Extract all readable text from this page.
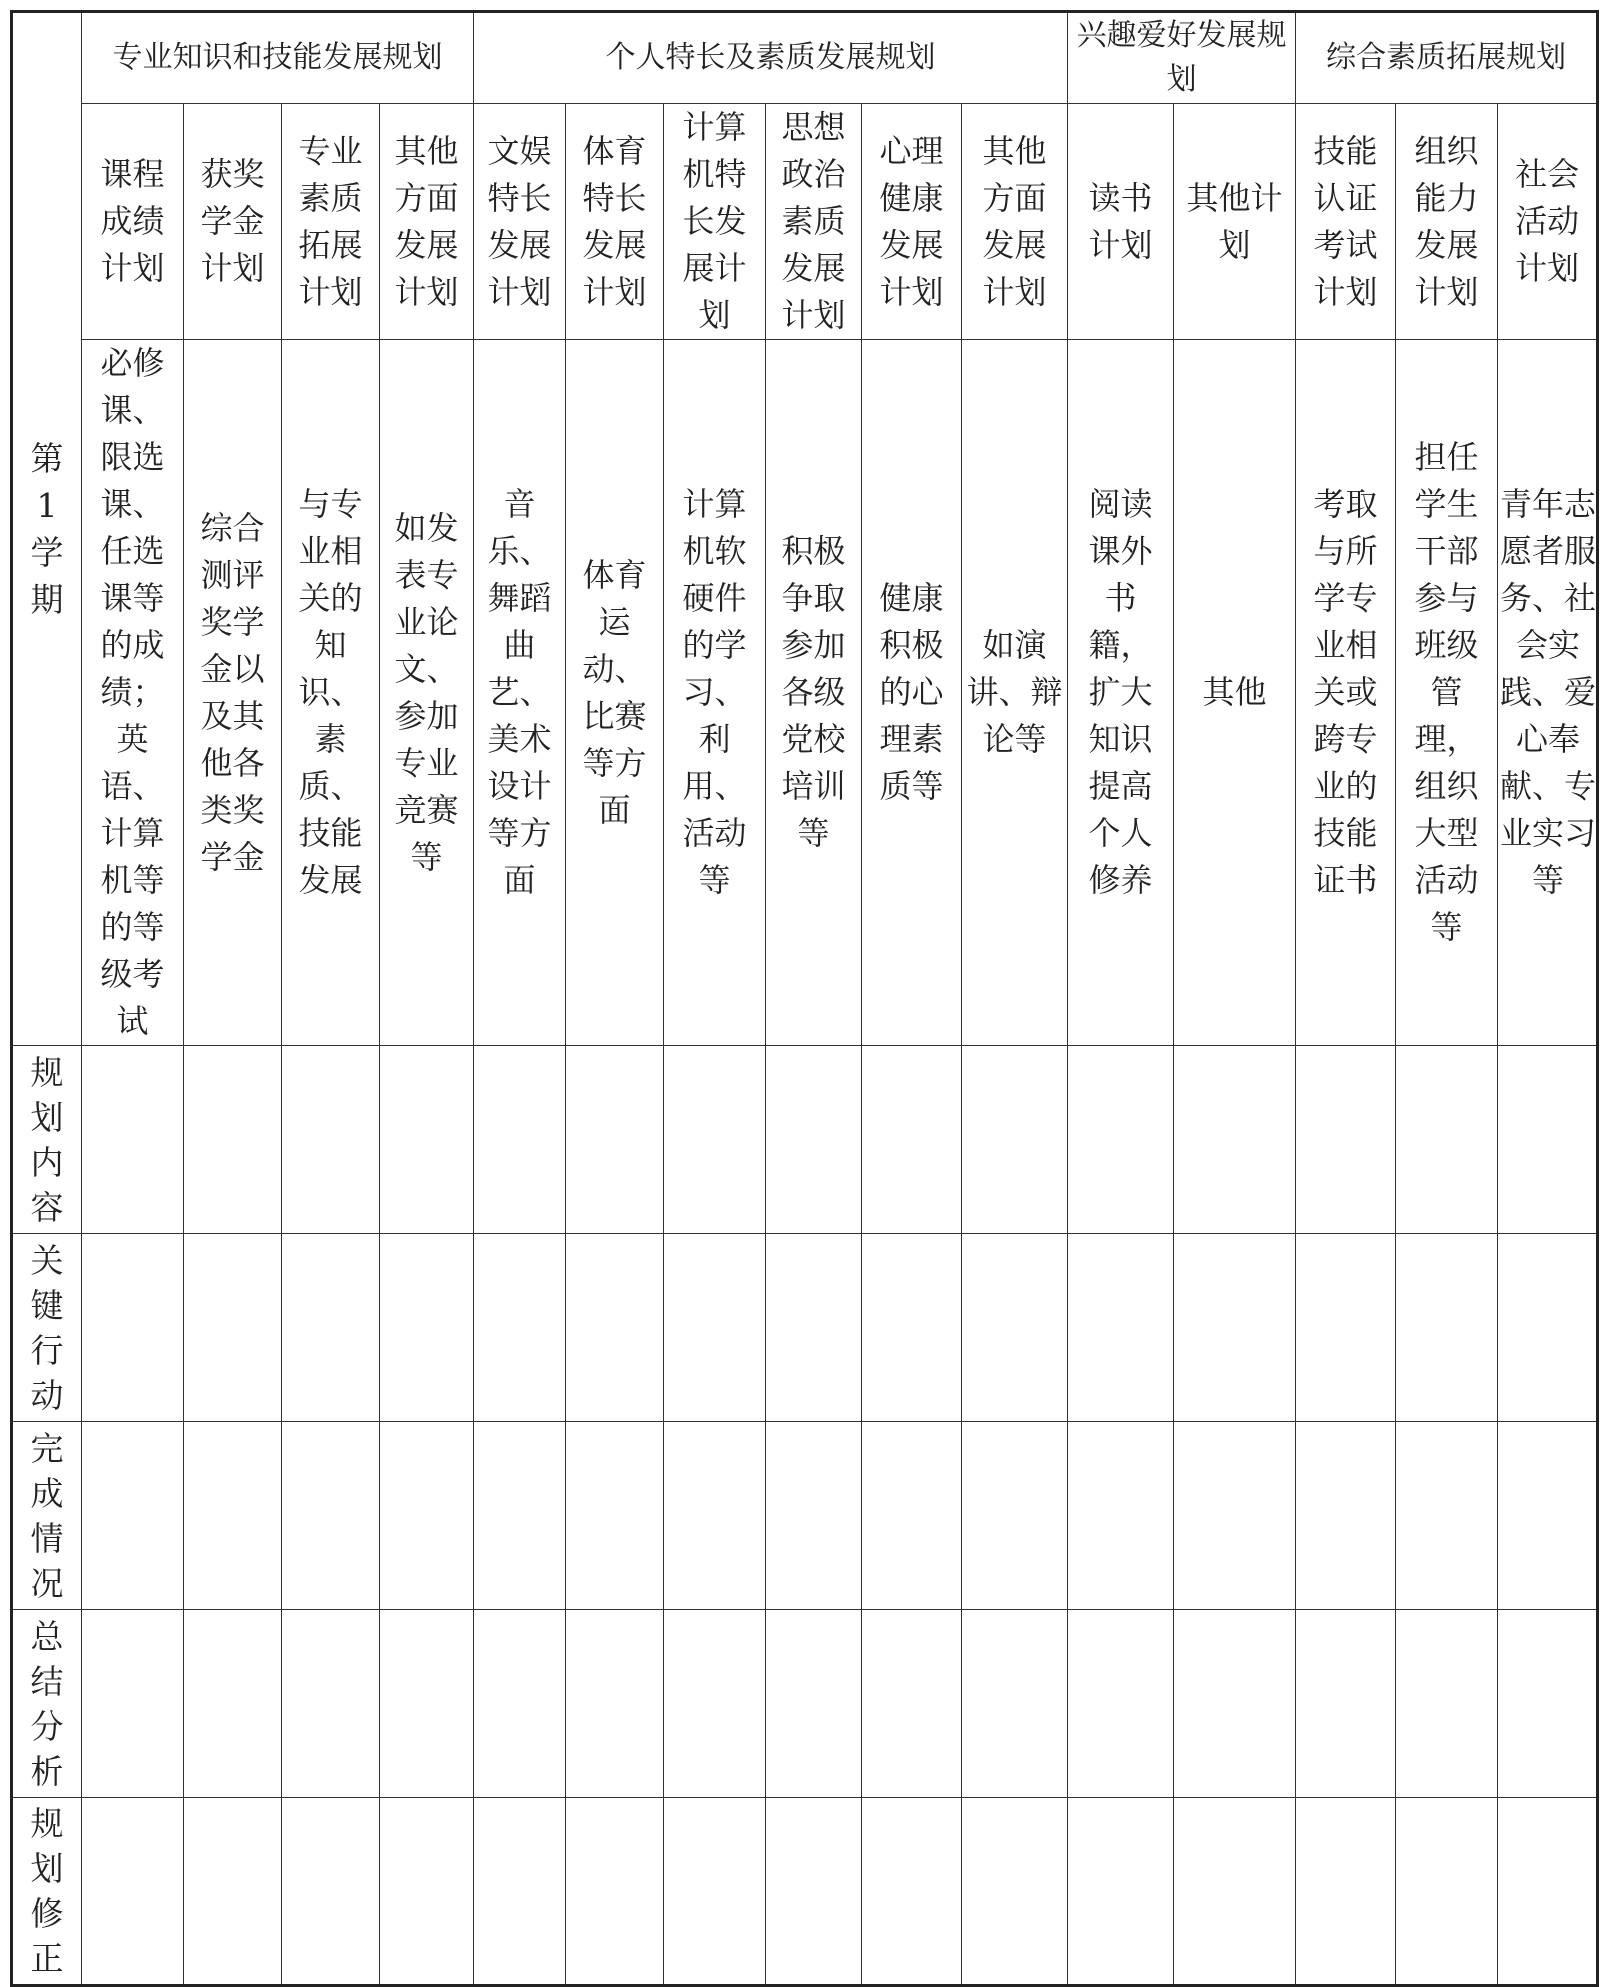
第1学期	专业知识和技能发展规划				个人特长及素质发展规划						兴趣爱好发展规划		综合素质拓展规划		

	课程成绩计划	获奖学金计划	专业素质拓展计划	其他方面发展计划	文娱特长发展计划	体育特长发展计划	计算机特长发展计划	思想政治素质发展计划	心理健康发展计划	其他方面发展计划	读书计划	其他计划	技能认证考试计划	组织能力发展计划	社会活动计划

	必修课、限选课、任选课等的成绩；英语、计算机等的等级考试	综合测评奖学金以及其他各类奖学金	与专业相关的知识、素质、技能发展	如发表专业论文、参加专业竞赛等	音乐、舞蹈曲艺、美术设计等方面	体育运动、比赛等方面	计算机软硬件的学习、利用、活动等	积极争取参加各级党校培训等	健康积极的心理素质等	如演讲、辩论等	阅读课外书籍，扩大知识提高个人修养	其他	考取与所学专业相关或跨专业的技能证书	担任学生干部参与班级管理，组织大型活动等	青年志愿者服务、社会实践、爱心奉献、专业实习等

规划内容															

关键行动															

完成情况															

总结分析															

规划修正															
